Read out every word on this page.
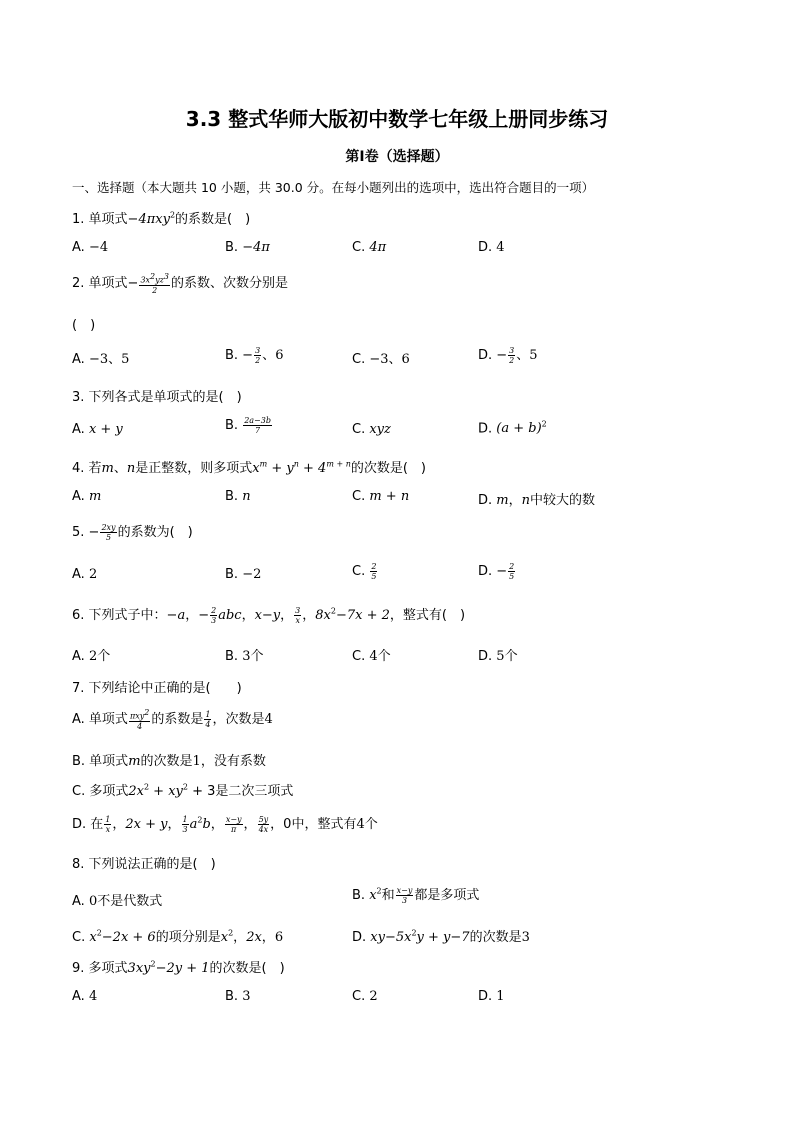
3.3 整式华师大版初中数学七年级上册同步练习
第Ⅰ卷（选择题）
一、选择题（本大题共 10 小题，共 30.0 分。在每小题列出的选项中，选出符合题目的一项）
1. 单项式−4πxy$^2$的系数是(　)
A. −4	B. −4π	C. 4π	D. 4
2. 单项式− $\frac{3x^2yz^3}{2}$ 的系数、次数分别是
(　)
A. −3、5	B. − $\frac{3}{2}$ 、6	C. −3、6	D. − $\frac{3}{2}$ 、5
3. 下列各式是单项式的是(　)
A. x + y	B. $\frac{2a-3b}{7}$	C. xyz	D. $(a + b)^2$
4. 若m、n是正整数，则多项式$x^m + y^n + 4^{m + n}$的次数是(　)
A. m	B. n	C. m + n	D. m，n中较大的数
5. − $\frac{2xy}{5}$ 的系数为(　)
A. 2	B. −2	C. $\frac{2}{5}$	D. − $\frac{2}{5}$
6. 下列式子中：−a，− $\frac{2}{3}$ abc，x−y， $\frac{3}{x}$ ，$8x^2-7x + 2$，整式有(　)
A. 2个	B. 3个	C. 4个	D. 5个
7. 下列结论中正确的是(　　)
A. 单项式 $\frac{\pi xy^2}{4}$ 的系数是 $\frac{1}{4}$ ，次数是4
B. 单项式m的次数是1，没有系数
C. 多项式$2x^2 + xy^2 + 3$是二次三项式
D. 在 $\frac{1}{x}$ ，2x + y， $\frac{1}{3} a^2b$， $\frac{x-y}{\pi}$ ， $\frac{5y}{4x}$ ，0中，整式有4个
8. 下列说法正确的是(　)
A. 0不是代数式	B. $x^2$和 $\frac{x-y}{3}$ 都是多项式
C. $x^2-2x + 6$的项分别是$x^2$，2x，6	D. $xy-5x^2y + y-7$的次数是3
9. 多项式$3xy^2-2y + 1$的次数是(　)
A. 4	B. 3	C. 2	D. 1
